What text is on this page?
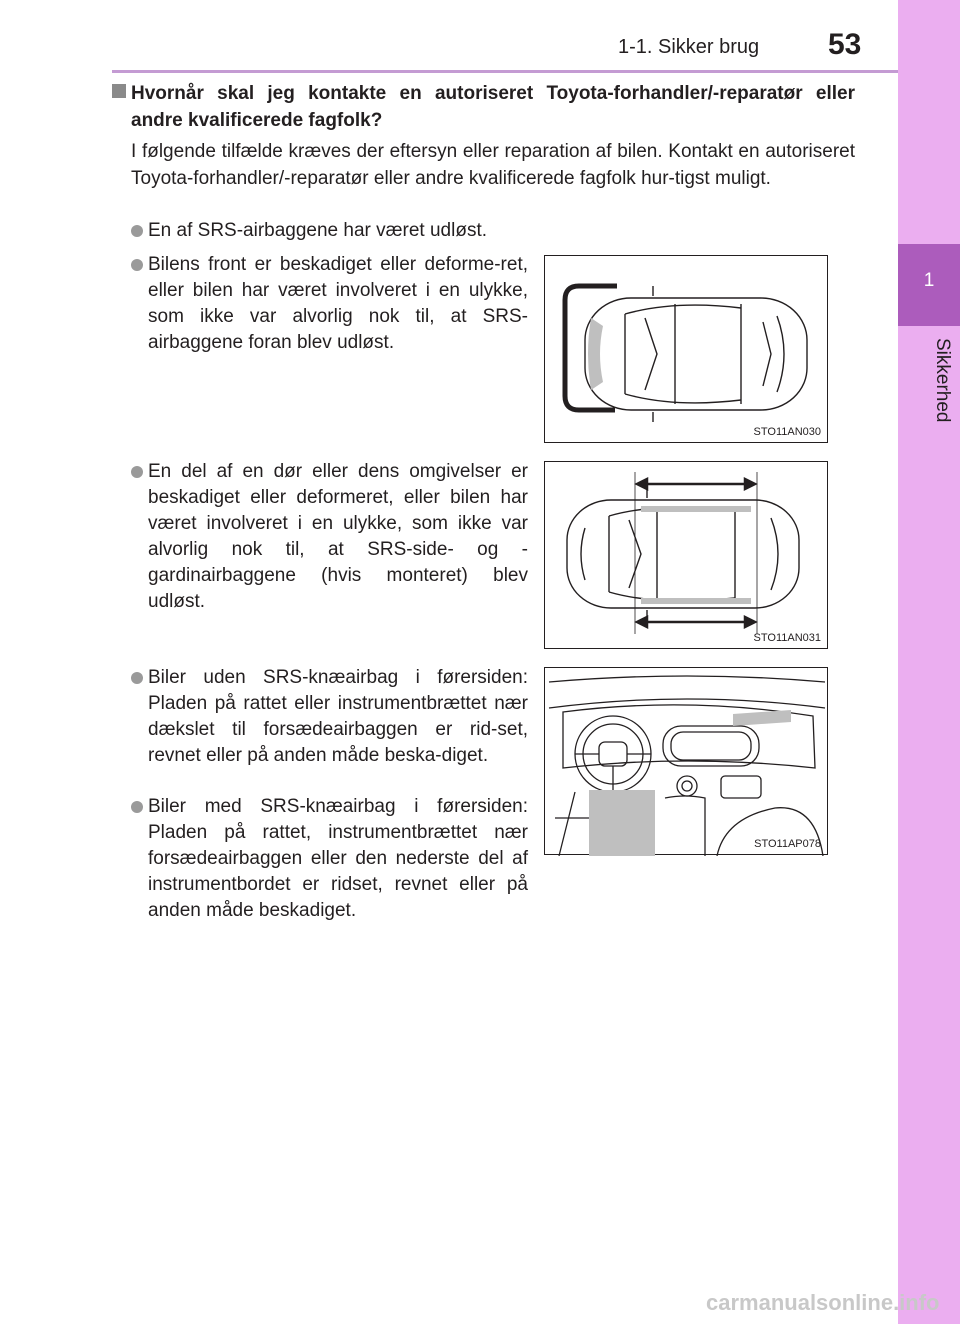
1-1. Sikker brug 53
1
Sikkerhed
Hvornår skal jeg kontakte en autoriseret Toyota-forhandler/-reparatør eller andre kvalificerede fagfolk?
I følgende tilfælde kræves der eftersyn eller reparation af bilen. Kontakt en autoriseret Toyota-forhandler/-reparatør eller andre kvalificerede fagfolk hur-tigst muligt.
En af SRS-airbaggene har været udløst.
Bilens front er beskadiget eller deforme-ret, eller bilen har været involveret i en ulykke, som ikke var alvorlig nok til, at SRS-airbaggene foran blev udløst.
En del af en dør eller dens omgivelser er beskadiget eller deformeret, eller bilen har været involveret i en ulykke, som ikke var alvorlig nok til, at SRS-side- og -gardinairbaggene (hvis monteret) blev udløst.
Biler uden SRS-knæairbag i førersiden: Pladen på rattet eller instrumentbrættet nær dækslet til forsædeairbaggen er rid-set, revnet eller på anden måde beska-diget.
Biler med SRS-knæairbag i førersiden: Pladen på rattet, instrumentbrættet nær forsædeairbaggen eller den nederste del af instrumentbordet er ridset, revnet eller på anden måde beskadiget.
STO11AN030
STO11AN031
STO11AP078
carmanualsonline.info
